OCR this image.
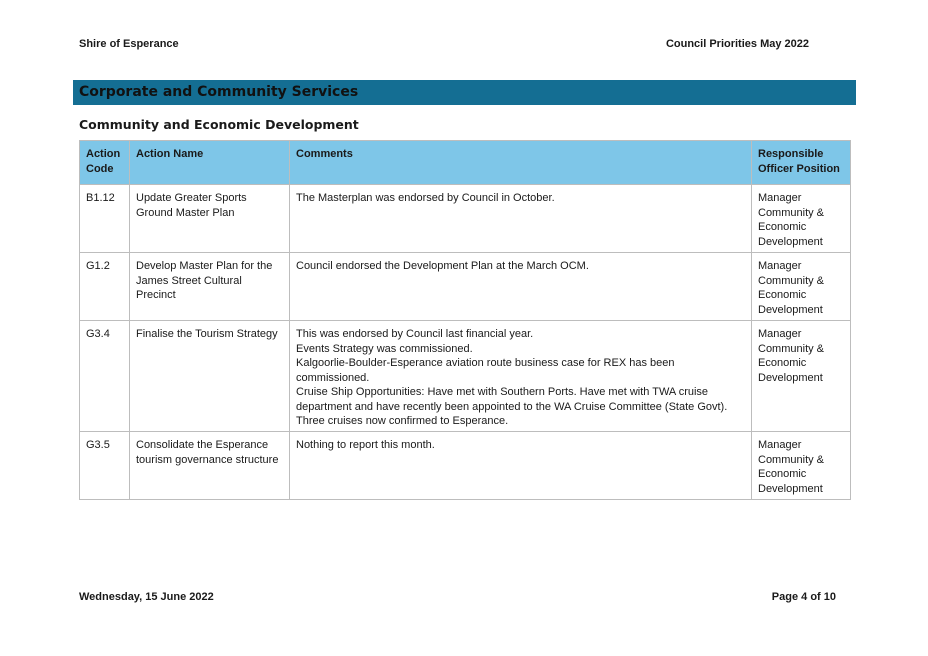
Shire of Esperance	Council Priorities May 2022
Corporate and Community Services
Community and Economic Development
Action Code	Action Name	Comments	Responsible Officer Position
B1.12	Update Greater Sports Ground Master Plan	The Masterplan was endorsed by Council in October.	Manager Community & Economic Development
G1.2	Develop Master Plan for the James Street Cultural Precinct	Council endorsed the Development Plan at the March OCM.	Manager Community & Economic Development
G3.4	Finalise the Tourism Strategy	This was endorsed by Council last financial year.
Events Strategy was commissioned.
Kalgoorlie-Boulder-Esperance aviation route business case for REX has been commissioned.
Cruise Ship Opportunities: Have met with Southern Ports. Have met with TWA cruise department and have recently been appointed to the WA Cruise Committee (State Govt). Three cruises now confirmed to Esperance.	Manager Community & Economic Development
G3.5	Consolidate the Esperance tourism governance structure	Nothing to report this month.	Manager Community & Economic Development
Wednesday, 15 June 2022	Page 4 of 10
